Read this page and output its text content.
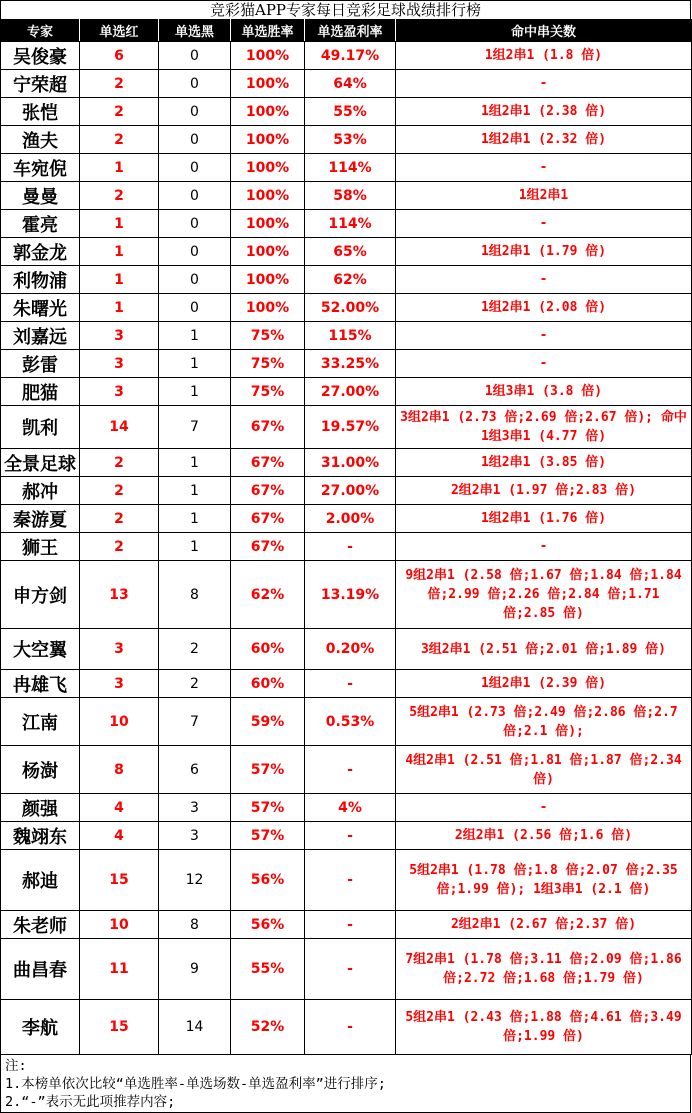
竞彩猫APP专家每日竞彩足球战绩排行榜
专家	单选红	单选黑	单选胜率	单选盈利率	命中串关数
吴俊豪	6	0	100%	49.17%	1组2串1 (1.8 倍)
宁荣超	2	0	100%	64%	-
张恺	2	0	100%	55%	1组2串1 (2.38 倍)
渔夫	2	0	100%	53%	1组2串1 (2.32 倍)
车宛倪	1	0	100%	114%	-
曼曼	2	0	100%	58%	1组2串1
霍亮	1	0	100%	114%	-
郭金龙	1	0	100%	65%	1组2串1 (1.79 倍)
利物浦	1	0	100%	62%	-
朱曙光	1	0	100%	52.00%	1组2串1 (2.08 倍)
刘嘉远	3	1	75%	115%	-
彭雷	3	1	75%	33.25%	-
肥猫	3	1	75%	27.00%	1组3串1 (3.8 倍)
凯利	14	7	67%	19.57%	3组2串1 (2.73 倍;2.69 倍;2.67 倍); 命中1组3串1 (4.77 倍)
全景足球	2	1	67%	31.00%	1组2串1 (3.85 倍)
郝冲	2	1	67%	27.00%	2组2串1 (1.97 倍;2.83 倍)
秦游夏	2	1	67%	2.00%	1组2串1 (1.76 倍)
狮王	2	1	67%	-	-
申方剑	13	8	62%	13.19%	9组2串1 (2.58 倍;1.67 倍;1.84 倍;1.84 倍;2.99 倍;2.26 倍;2.84 倍;1.71 倍;2.85 倍)
大空翼	3	2	60%	0.20%	3组2串1 (2.51 倍;2.01 倍;1.89 倍)
冉雄飞	3	2	60%	-	1组2串1 (2.39 倍)
江南	10	7	59%	0.53%	5组2串1 (2.73 倍;2.49 倍;2.86 倍;2.7 倍;2.1 倍);
杨澍	8	6	57%	-	4组2串1 (2.51 倍;1.81 倍;1.87 倍;2.34 倍)
颜强	4	3	57%	4%	-
魏翊东	4	3	57%	-	2组2串1 (2.56 倍;1.6 倍)
郝迪	15	12	56%	-	5组2串1 (1.78 倍;1.8 倍;2.07 倍;2.35 倍;1.99 倍); 1组3串1 (2.1 倍)
朱老师	10	8	56%	-	2组2串1 (2.67 倍;2.37 倍)
曲昌春	11	9	55%	-	7组2串1 (1.78 倍;3.11 倍;2.09 倍;1.86 倍;2.72 倍;1.68 倍;1.79 倍)
李航	15	14	52%	-	5组2串1 (2.43 倍;1.88 倍;4.61 倍;3.49 倍;1.99 倍)
注:
1.本榜单依次比较“单选胜率-单选场数-单选盈利率”进行排序;
2.“-”表示无此项推荐内容;
